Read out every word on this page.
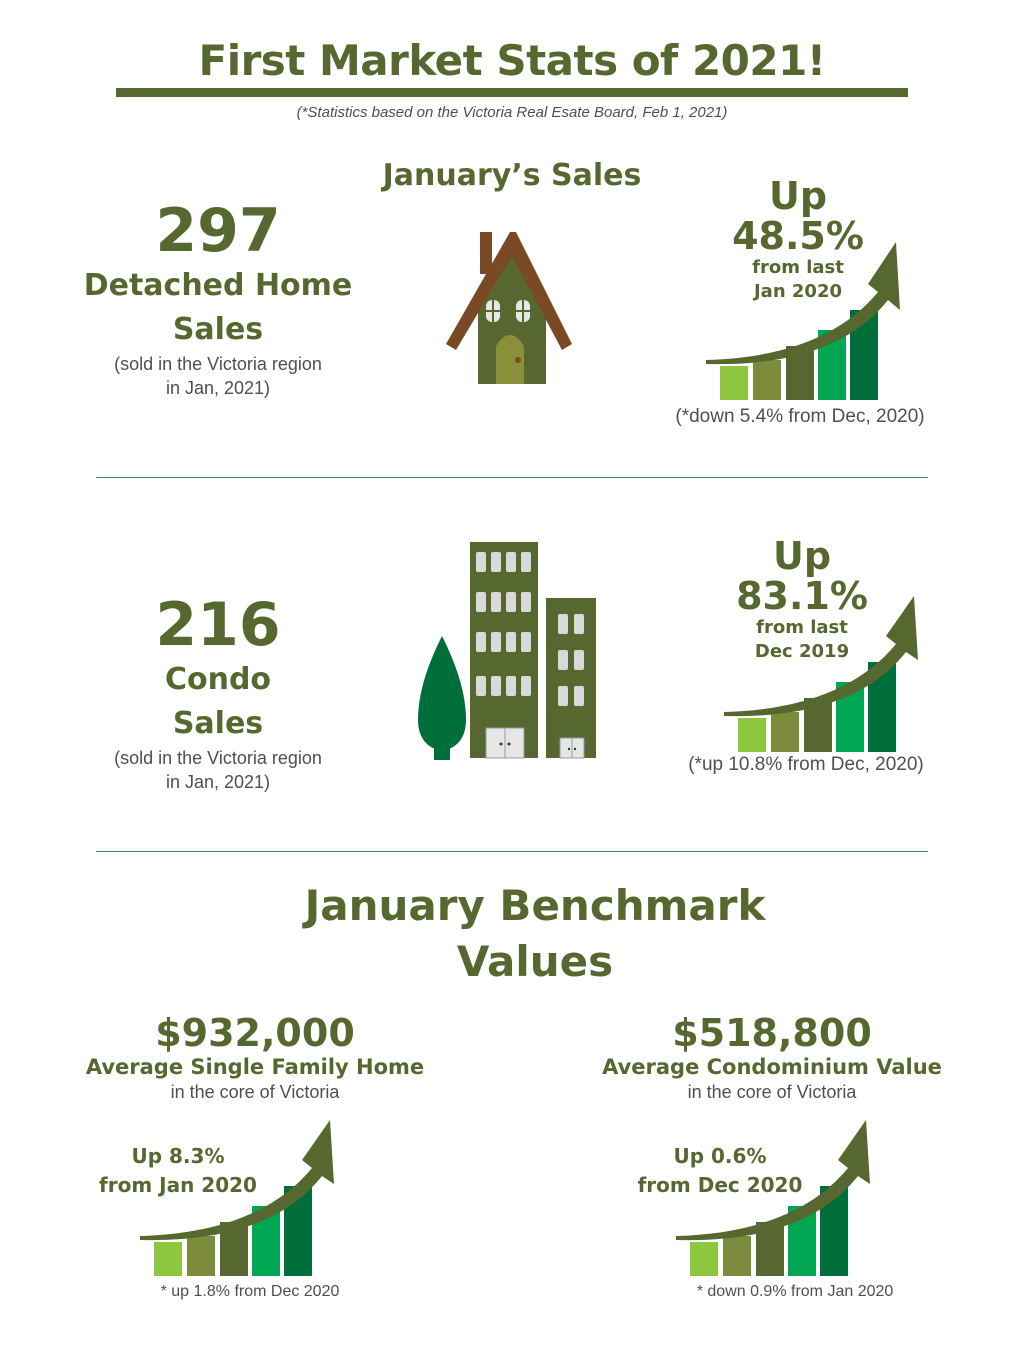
First Market Stats of 2021!
(*Statistics based on the Victoria Real Esate Board, Feb 1, 2021)
January’s Sales
297
Detached Home
Sales
(sold in the Victoria region
in Jan, 2021)
Up
48.5%
from last
Jan 2020
(*down 5.4% from Dec, 2020)
216
Condo
Sales
(sold in the Victoria region
in Jan, 2021)
Up
83.1%
from last
Dec 2019
(*up 10.8% from Dec, 2020)
January Benchmark
Values
$932,000
Average Single Family Home
in the core of Victoria
Up 8.3%
from Jan 2020
* up 1.8% from Dec 2020
$518,800
Average Condominium Value
in the core of Victoria
Up 0.6%
from Dec 2020
* down 0.9% from Jan 2020
